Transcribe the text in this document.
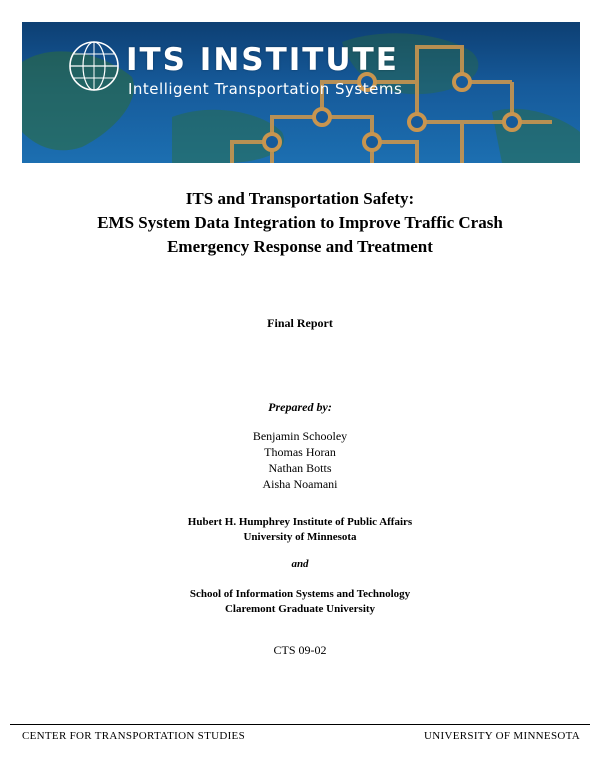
ITS INSTITUTE
Intelligent Transportation Systems
ITS and Transportation Safety:
EMS System Data Integration to Improve Traffic Crash
Emergency Response and Treatment
Final Report
Prepared by:
Benjamin Schooley
Thomas Horan
Nathan Botts
Aisha Noamani
Hubert H. Humphrey Institute of Public Affairs
University of Minnesota
and
School of Information Systems and Technology
Claremont Graduate University
CTS 09-02
CENTER FOR TRANSPORTATION STUDIES	UNIVERSITY OF MINNESOTA
